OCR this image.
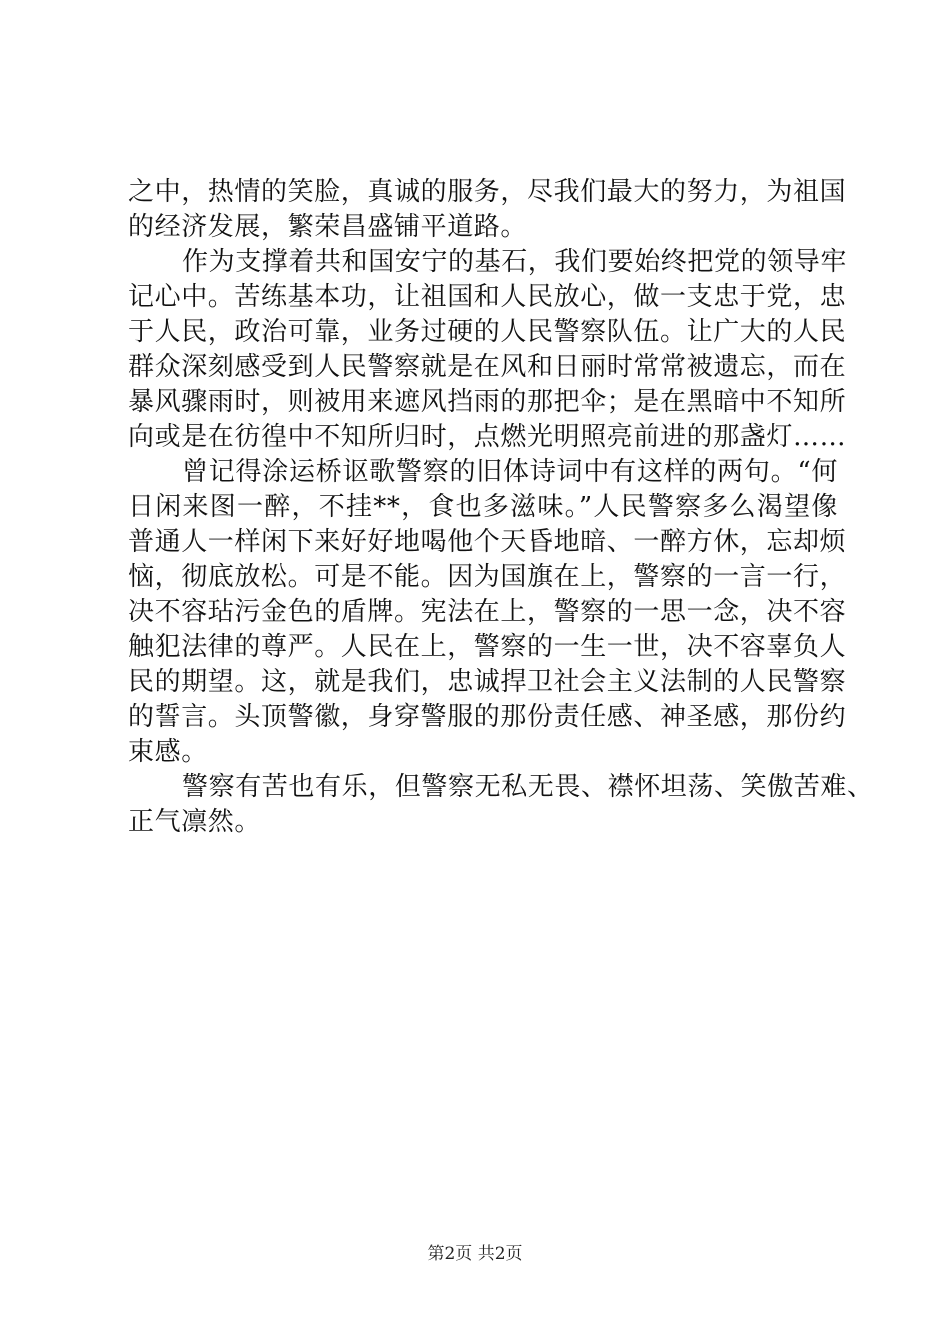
之中，热情的笑脸，真诚的服务，尽我们最大的努力，为祖国
的经济发展，繁荣昌盛铺平道路。
作为支撑着共和国安宁的基石，我们要始终把党的领导牢
记心中。苦练基本功，让祖国和人民放心，做一支忠于党，忠
于人民，政治可靠，业务过硬的人民警察队伍。让广大的人民
群众深刻感受到人民警察就是在风和日丽时常常被遗忘，而在
暴风骤雨时，则被用来遮风挡雨的那把伞；是在黑暗中不知所
向或是在彷徨中不知所归时，点燃光明照亮前进的那盏灯……
曾记得涂运桥讴歌警察的旧体诗词中有这样的两句。“何
日闲来图一醉，不挂**，食也多滋味。”人民警察多么渴望像
普通人一样闲下来好好地喝他个天昏地暗、一醉方休，忘却烦
恼，彻底放松。可是不能。因为国旗在上，警察的一言一行，
决不容玷污金色的盾牌。宪法在上，警察的一思一念，决不容
触犯法律的尊严。人民在上，警察的一生一世，决不容辜负人
民的期望。这，就是我们，忠诚捍卫社会主义法制的人民警察
的誓言。头顶警徽，身穿警服的那份责任感、神圣感，那份约
束感。
警察有苦也有乐，但警察无私无畏、襟怀坦荡、笑傲苦难、
正气凛然。
第2页 共2页
